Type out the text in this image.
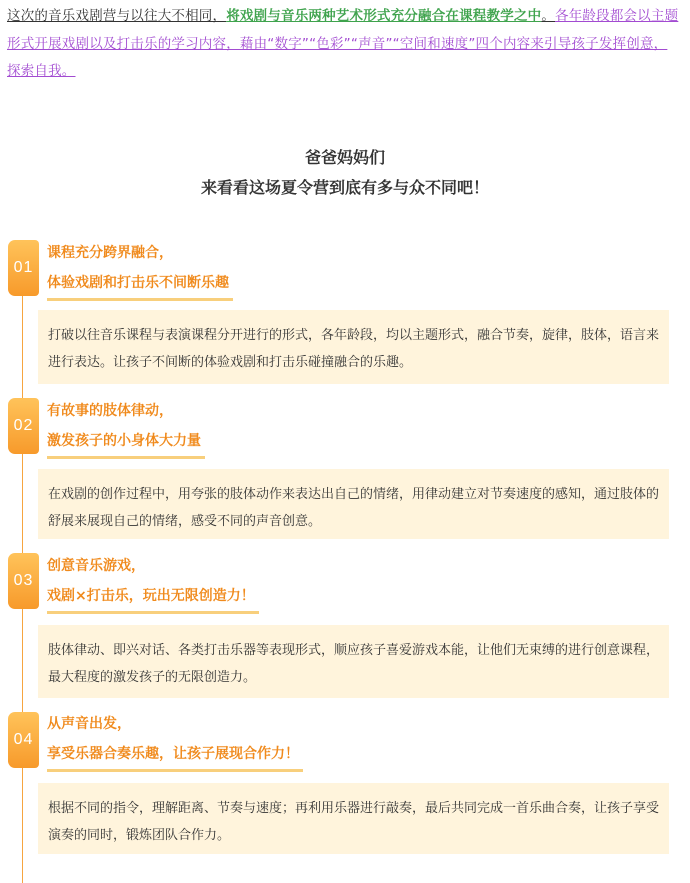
这次的音乐戏剧营与以往大不相同，将戏剧与音乐两种艺术形式充分融合在课程教学之中。各年龄段都会以主题形式开展戏剧以及打击乐的学习内容，藉由“数字”“色彩”“声音”“空间和速度”四个内容来引导孩子发挥创意，探索自我。
爸爸妈妈们
来看看这场夏令营到底有多与众不同吧！
01
课程充分跨界融合，
体验戏剧和打击乐不间断乐趣
打破以往音乐课程与表演课程分开进行的形式，各年龄段，均以主题形式，融合节奏，旋律，肢体，语言来进行表达。让孩子不间断的体验戏剧和打击乐碰撞融合的乐趣。
02
有故事的肢体律动，
激发孩子的小身体大力量
在戏剧的创作过程中，用夸张的肢体动作来表达出自己的情绪，用律动建立对节奏速度的感知，通过肢体的舒展来展现自己的情绪，感受不同的声音创意。
03
创意音乐游戏，
戏剧×打击乐，玩出无限创造力！
肢体律动、即兴对话、各类打击乐器等表现形式，顺应孩子喜爱游戏本能，让他们无束缚的进行创意课程，最大程度的激发孩子的无限创造力。
04
从声音出发，
享受乐器合奏乐趣，让孩子展现合作力！
根据不同的指令，理解距离、节奏与速度；再利用乐器进行敲奏，最后共同完成一首乐曲合奏，让孩子享受演奏的同时，锻炼团队合作力。
